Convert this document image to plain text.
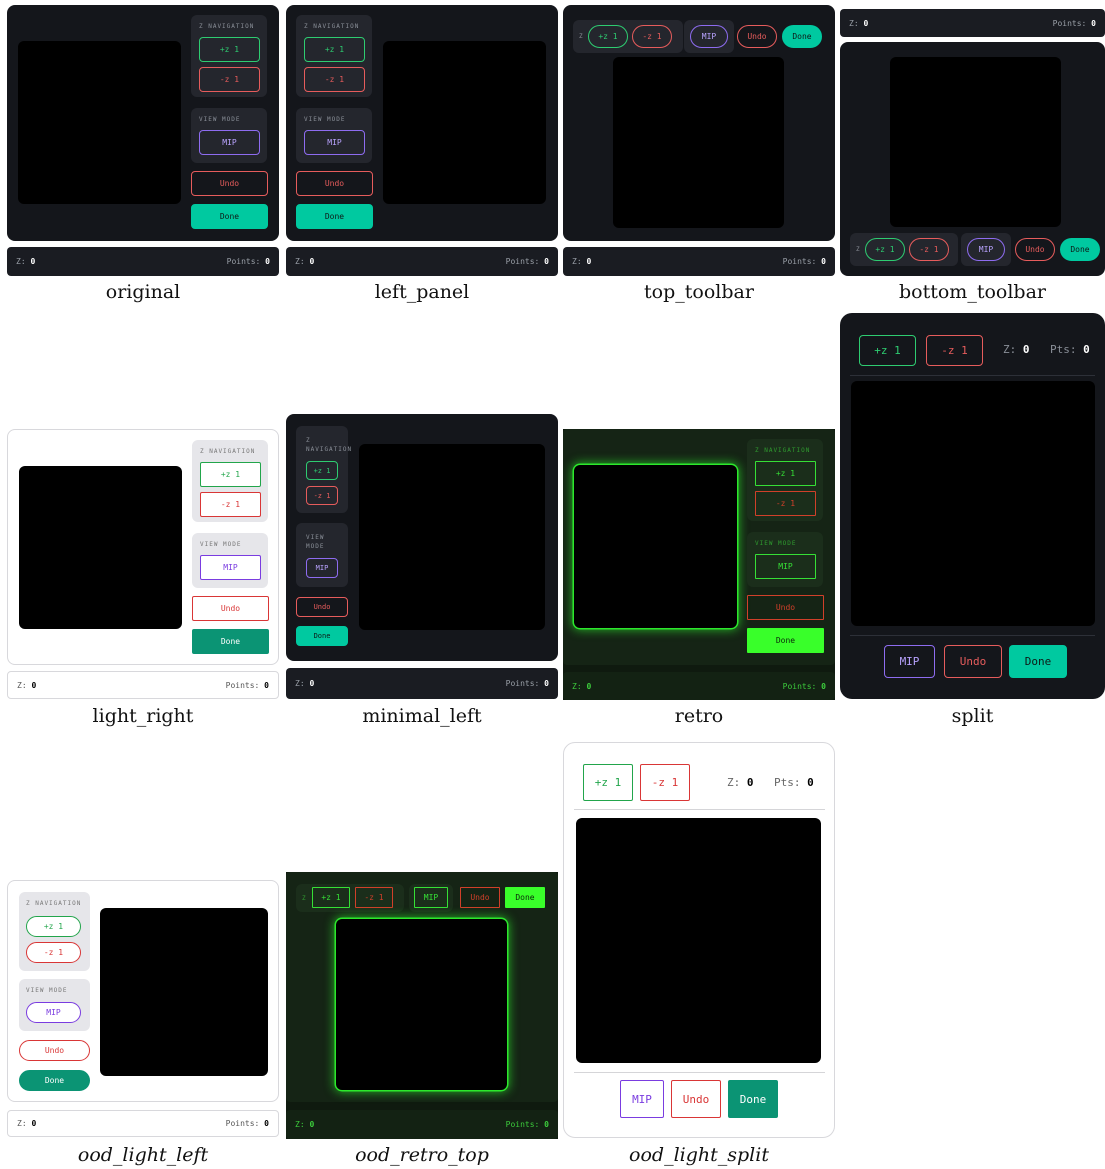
Z NAVIGATION
+z 1
-z 1
VIEW MODE
MIP
Undo
Done
Z: 0	Points: 0
original
Z NAVIGATION
+z 1
-z 1
VIEW MODE
MIP
Undo
Done
Z: 0	Points: 0
left_panel
Z	+z 1	-z 1	MIP	Undo	Done
Z: 0	Points: 0
top_toolbar
Z: 0	Points: 0
Z	+z 1	-z 1	MIP	Undo	Done
bottom_toolbar
Z NAVIGATION
+z 1
-z 1
VIEW MODE
MIP
Undo
Done
Z: 0	Points: 0
light_right
Z
NAVIGATION
+z 1
-z 1
VIEW
MODE
MIP
Undo
Done
Z: 0	Points: 0
minimal_left
Z NAVIGATION
+z 1
-z 1
VIEW MODE
MIP
Undo
Done
Z: 0	Points: 0
retro
+z 1	-z 1	Z: 0 Pts: 0
MIP	Undo	Done
split
Z NAVIGATION
+z 1
-z 1
VIEW MODE
MIP
Undo
Done
Z: 0	Points: 0
ood_light_left
Z	+z 1	-z 1	MIP	Undo	Done
Z: 0	Points: 0
ood_retro_top
+z 1	-z 1	Z: 0 Pts: 0
MIP	Undo	Done
ood_light_split
